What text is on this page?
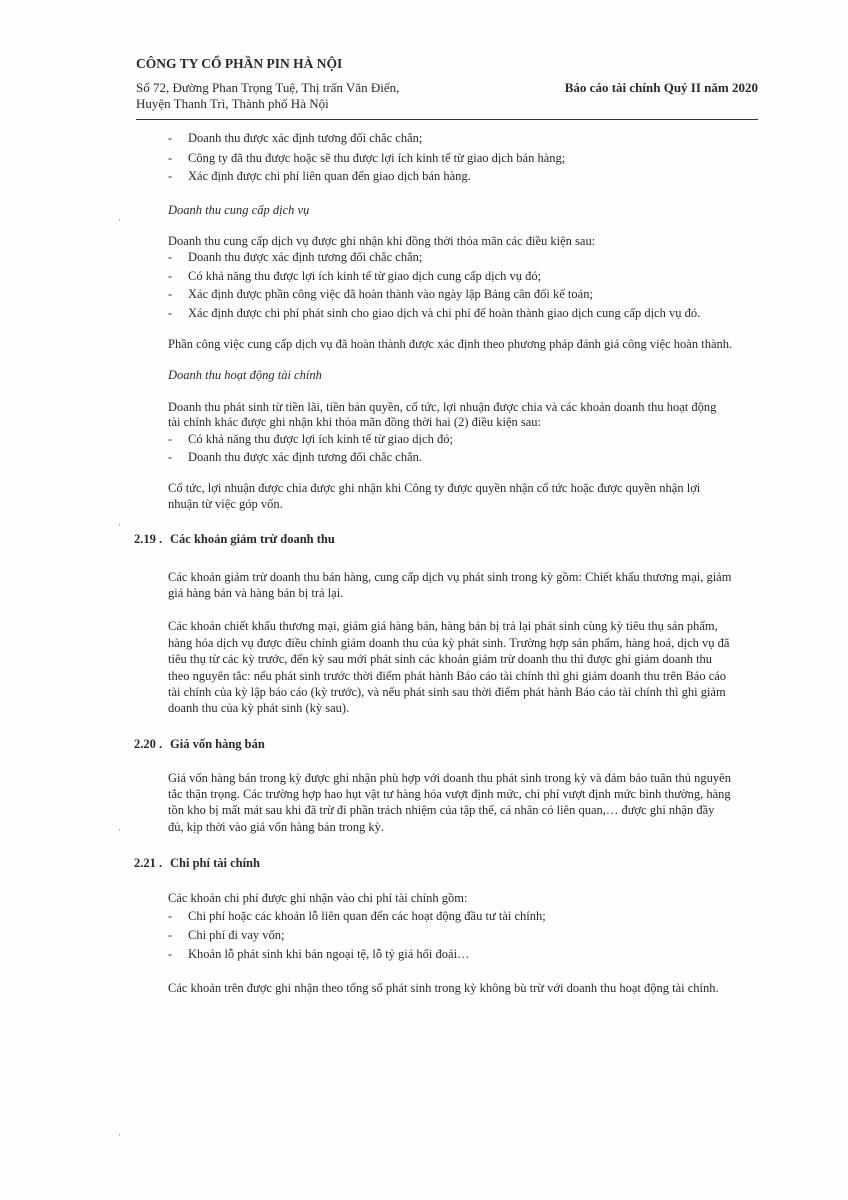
CÔNG TY CỔ PHẦN PIN HÀ NỘI
Số 72, Đường Phan Trọng Tuệ, Thị trấn Văn Điển,
Huyện Thanh Trì, Thành phố Hà Nội
Báo cáo tài chính Quý II năm 2020
- Doanh thu được xác định tương đối chắc chắn;
- Công ty đã thu được hoặc sẽ thu được lợi ích kinh tế từ giao dịch bán hàng;
- Xác định được chi phí liên quan đến giao dịch bán hàng.
Doanh thu cung cấp dịch vụ
Doanh thu cung cấp dịch vụ được ghi nhận khi đồng thời thỏa mãn các điều kiện sau:
- Doanh thu được xác định tương đối chắc chắn;
- Có khả năng thu được lợi ích kinh tế từ giao dịch cung cấp dịch vụ đó;
- Xác định được phần công việc đã hoàn thành vào ngày lập Bảng cân đối kế toán;
- Xác định được chi phí phát sinh cho giao dịch và chi phí để hoàn thành giao dịch cung cấp dịch vụ đó.
Phần công việc cung cấp dịch vụ đã hoàn thành được xác định theo phương pháp đánh giá công việc hoàn thành.
Doanh thu hoạt động tài chính
Doanh thu phát sinh từ tiền lãi, tiền bản quyền, cổ tức, lợi nhuận được chia và các khoản doanh thu hoạt động
tài chính khác được ghi nhận khi thỏa mãn đồng thời hai (2) điều kiện sau:
- Có khả năng thu được lợi ích kinh tế từ giao dịch đó;
- Doanh thu được xác định tương đối chắc chắn.
Cổ tức, lợi nhuận được chia được ghi nhận khi Công ty được quyền nhận cổ tức hoặc được quyền nhận lợi
nhuận từ việc góp vốn.
2.19 . Các khoản giảm trừ doanh thu
Các khoản giảm trừ doanh thu bán hàng, cung cấp dịch vụ phát sinh trong kỳ gồm: Chiết khấu thương mại, giảm
giá hàng bán và hàng bán bị trả lại.
Các khoản chiết khấu thương mại, giảm giá hàng bán, hàng bán bị trả lại phát sinh cùng kỳ tiêu thụ sản phẩm,
hàng hóa dịch vụ được điều chỉnh giảm doanh thu của kỳ phát sinh. Trường hợp sản phẩm, hàng hoá, dịch vụ đã
tiêu thụ từ các kỳ trước, đến kỳ sau mới phát sinh các khoản giảm trừ doanh thu thì được ghi giảm doanh thu
theo nguyên tắc: nếu phát sinh trước thời điểm phát hành Báo cáo tài chính thì ghi giảm doanh thu trên Báo cáo
tài chính của kỳ lập báo cáo (kỳ trước), và nếu phát sinh sau thời điểm phát hành Báo cáo tài chính thì ghi giảm
doanh thu của kỳ phát sinh (kỳ sau).
2.20 . Giá vốn hàng bán
Giá vốn hàng bán trong kỳ được ghi nhận phù hợp với doanh thu phát sinh trong kỳ và đảm bảo tuân thủ nguyên
tắc thận trọng. Các trường hợp hao hụt vật tư hàng hóa vượt định mức, chi phí vượt định mức bình thường, hàng
tồn kho bị mất mát sau khi đã trừ đi phần trách nhiệm của tập thể, cá nhân có liên quan,… được ghi nhận đầy
đủ, kịp thời vào giá vốn hàng bán trong kỳ.
2.21 . Chi phí tài chính
Các khoản chi phí được ghi nhận vào chi phí tài chính gồm:
- Chi phí hoặc các khoản lỗ liên quan đến các hoạt động đầu tư tài chính;
- Chi phí đi vay vốn;
- Khoản lỗ phát sinh khi bán ngoại tệ, lỗ tỷ giá hối đoái…
Các khoản trên được ghi nhận theo tổng số phát sinh trong kỳ không bù trừ với doanh thu hoạt động tài chính.
ˌ
ˌ
ˌ
ˌ
